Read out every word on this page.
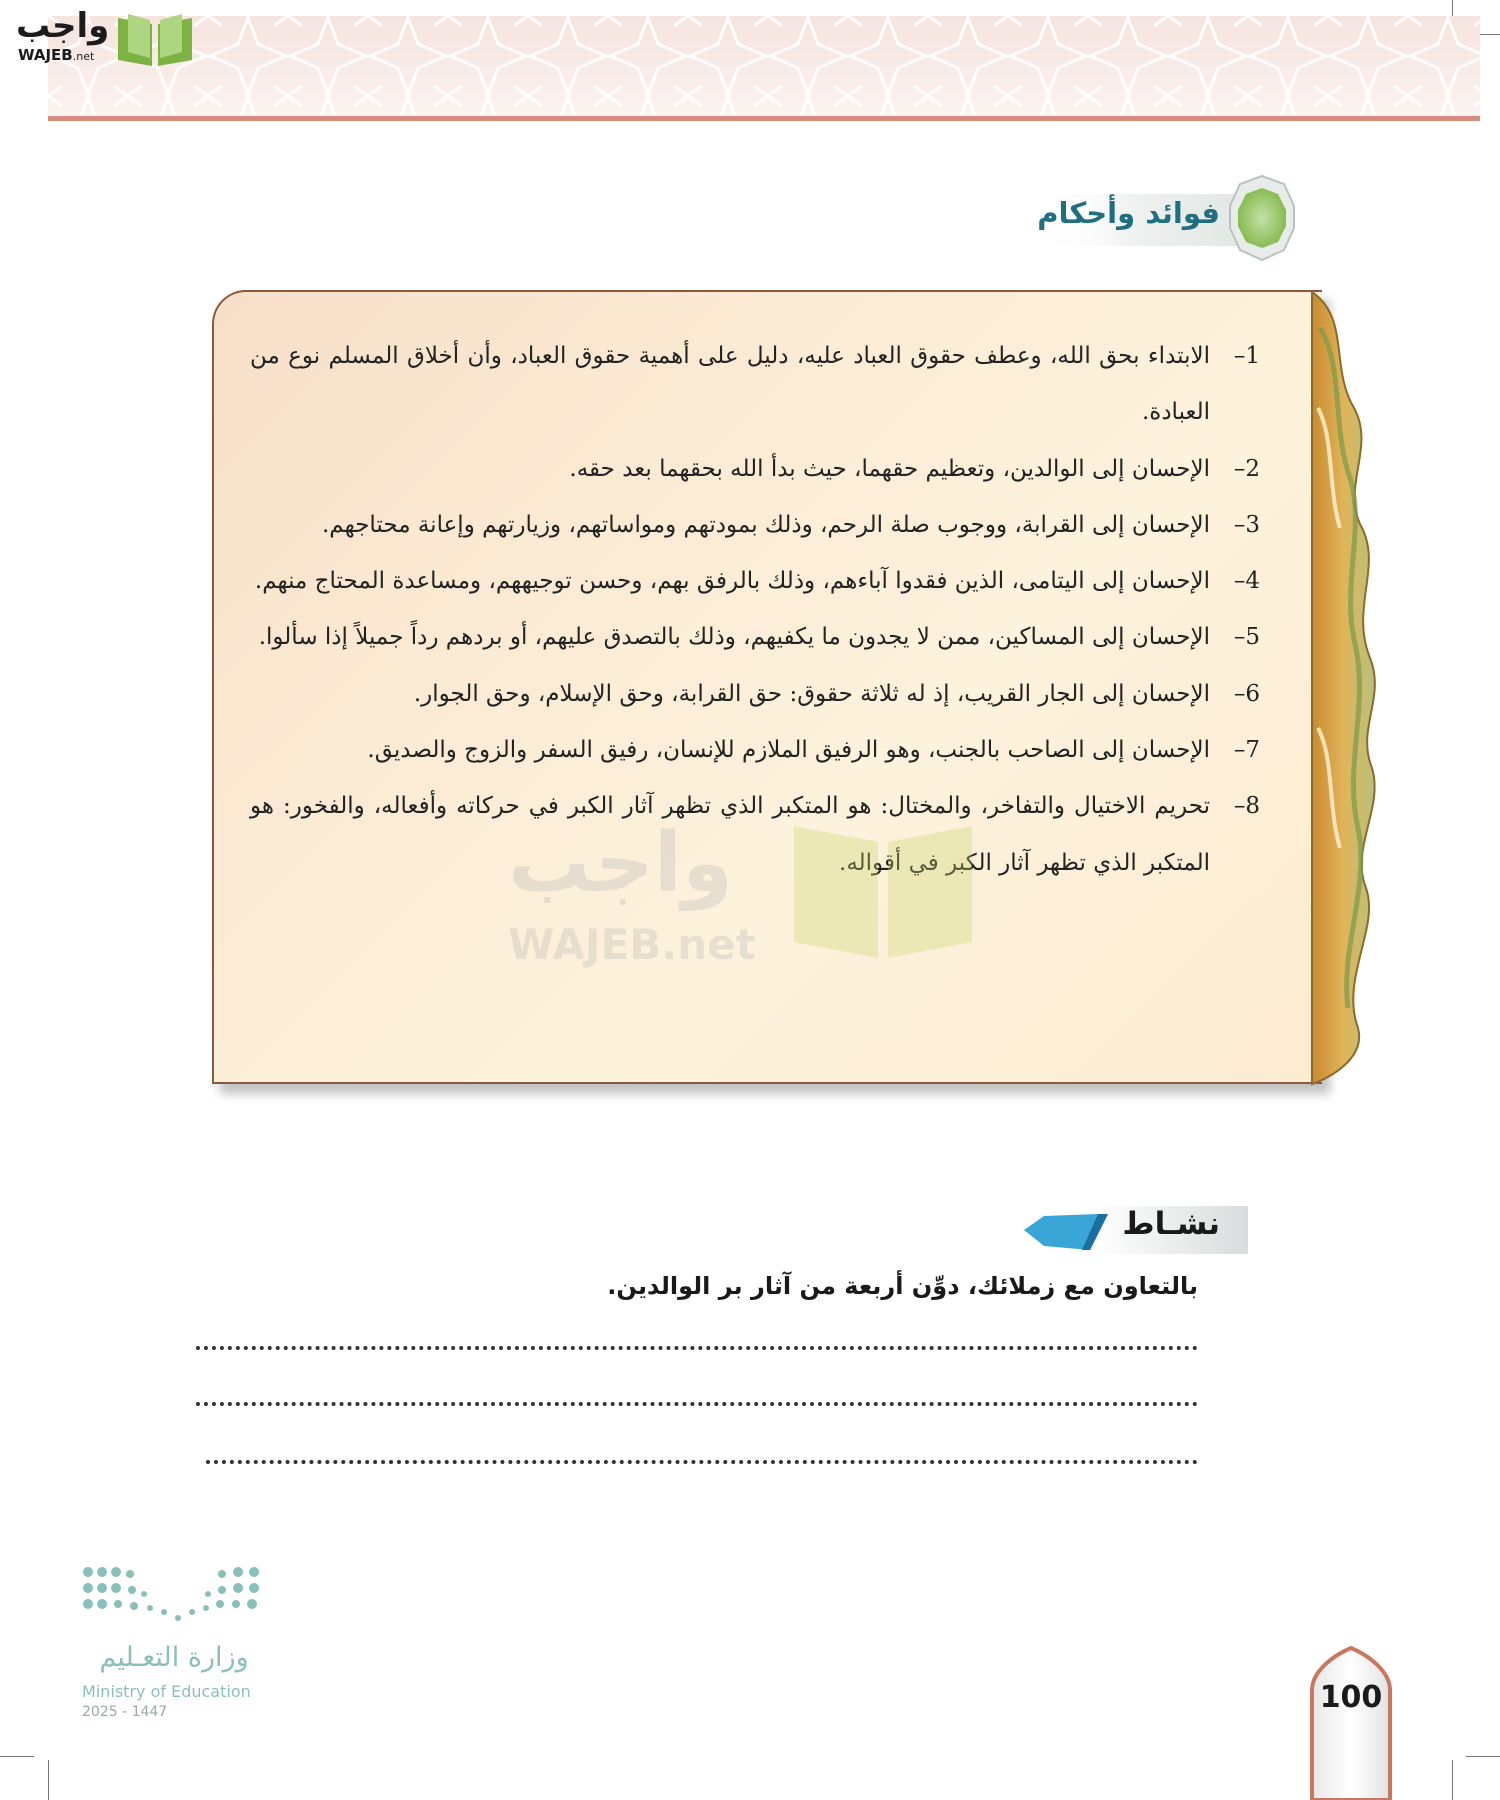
واجب
WAJEB.net
فوائد وأحكام
1–
الابتداء بحق الله، وعطف حقوق العباد عليه، دليل على أهمية حقوق العباد، وأن أخلاق المسلم نوع من العبادة.
2–
الإحسان إلى الوالدين، وتعظيم حقهما، حيث بدأ الله بحقهما بعد حقه.
3–
الإحسان إلى القرابة، ووجوب صلة الرحم، وذلك بمودتهم ومواساتهم، وزيارتهم وإعانة محتاجهم.
4–
الإحسان إلى اليتامى، الذين فقدوا آباءهم، وذلك بالرفق بهم، وحسن توجيههم، ومساعدة المحتاج منهم.
5–
الإحسان إلى المساكين، ممن لا يجدون ما يكفيهم، وذلك بالتصدق عليهم، أو بردهم رداً جميلاً إذا سألوا.
6–
الإحسان إلى الجار القريب، إذ له ثلاثة حقوق: حق القرابة، وحق الإسلام، وحق الجوار.
7–
الإحسان إلى الصاحب بالجنب، وهو الرفيق الملازم للإنسان، رفيق السفر والزوج والصديق.
8–
تحريم الاختيال والتفاخر، والمختال: هو المتكبر الذي تظهر آثار الكبر في حركاته وأفعاله، والفخور: هو المتكبر الذي تظهر آثار الكبر في أقواله.
واجب
WAJEB.net
نشـاط
بالتعاون مع زملائك، دوِّن أربعة من آثار بر الوالدين.
وزارة التعـليم
Ministry of Education
2025 - 1447	100
